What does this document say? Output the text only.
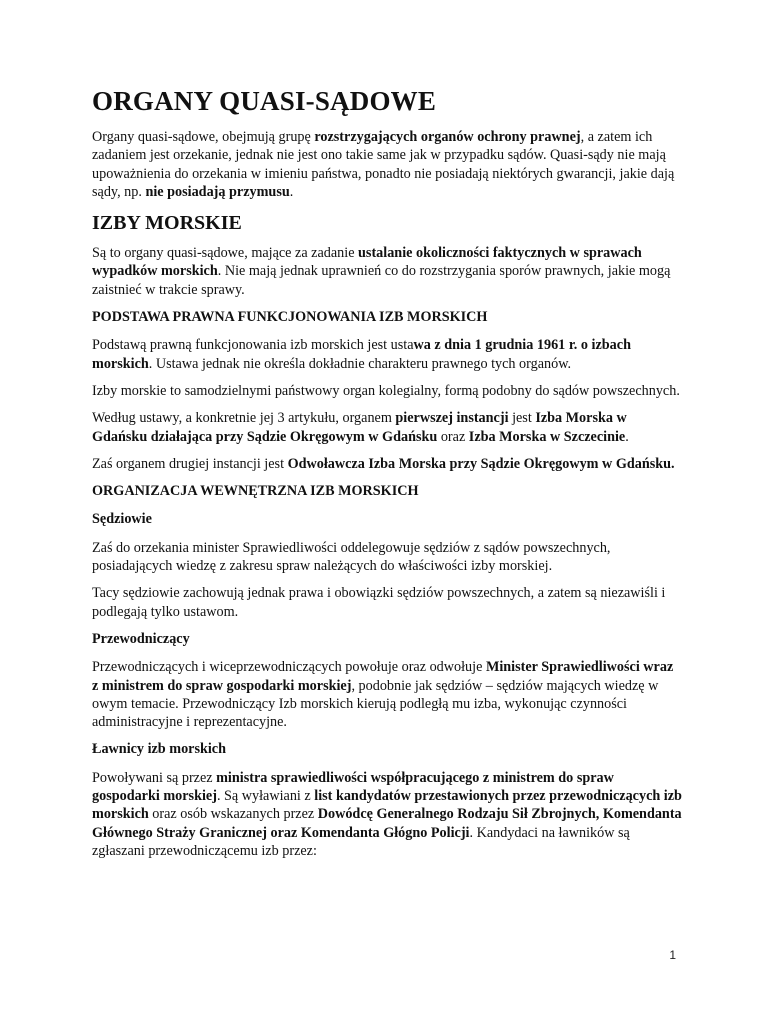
ORGANY QUASI-SĄDOWE

Organy quasi-sądowe, obejmują grupę rozstrzygających organów ochrony prawnej, a zatem ich zadaniem jest orzekanie, jednak nie jest ono takie same jak w przypadku sądów. Quasi-sądy nie mają upoważnienia do orzekania w imieniu państwa, ponadto nie posiadają niektórych gwarancji, jakie dają sądy, np. nie posiadają przymusu.

IZBY MORSKIE

Są to organy quasi-sądowe, mające za zadanie ustalanie okoliczności faktycznych w sprawach wypadków morskich. Nie mają jednak uprawnień co do rozstrzygania sporów prawnych, jakie mogą zaistnieć w trakcie sprawy.

PODSTAWA PRAWNA FUNKCJONOWANIA IZB MORSKICH

Podstawą prawną funkcjonowania izb morskich jest ustawa z dnia 1 grudnia 1961 r. o izbach morskich. Ustawa jednak nie określa dokładnie charakteru prawnego tych organów.

Izby morskie to samodzielnymi państwowy organ kolegialny, formą podobny do sądów powszechnych.

Według ustawy, a konkretnie jej 3 artykułu, organem pierwszej instancji jest Izba Morska w Gdańsku działająca przy Sądzie Okręgowym w Gdańsku oraz Izba Morska w Szczecinie.

Zaś organem drugiej instancji jest Odwoławcza Izba Morska przy Sądzie Okręgowym w Gdańsku.

ORGANIZACJA WEWNĘTRZNA IZB MORSKICH

Sędziowie

Zaś do orzekania minister Sprawiedliwości oddelegowuje sędziów z sądów powszechnych, posiadających wiedzę z zakresu spraw należących do właściwości izby morskiej.

Tacy sędziowie zachowują jednak prawa i obowiązki sędziów powszechnych, a zatem są niezawiśli i podlegają tylko ustawom.

Przewodniczący

Przewodniczących i wiceprzewodniczących powołuje oraz odwołuje Minister Sprawiedliwości wraz z ministrem do spraw gospodarki morskiej, podobnie jak sędziów – sędziów mających wiedzę w owym temacie. Przewodniczący Izb morskich kierują podległą mu izba, wykonując czynności administracyjne i reprezentacyjne.

Ławnicy izb morskich

Powoływani są przez ministra sprawiedliwości współpracującego z ministrem do spraw gospodarki morskiej. Są wyławiani z list kandydatów przestawionych przez przewodniczących izb morskich oraz osób wskazanych przez Dowódcę Generalnego Rodzaju Sił Zbrojnych, Komendanta Głównego Straży Granicznej oraz Komendanta Głógno Policji. Kandydaci na ławników są zgłaszani przewodniczącemu izb przez:

1
